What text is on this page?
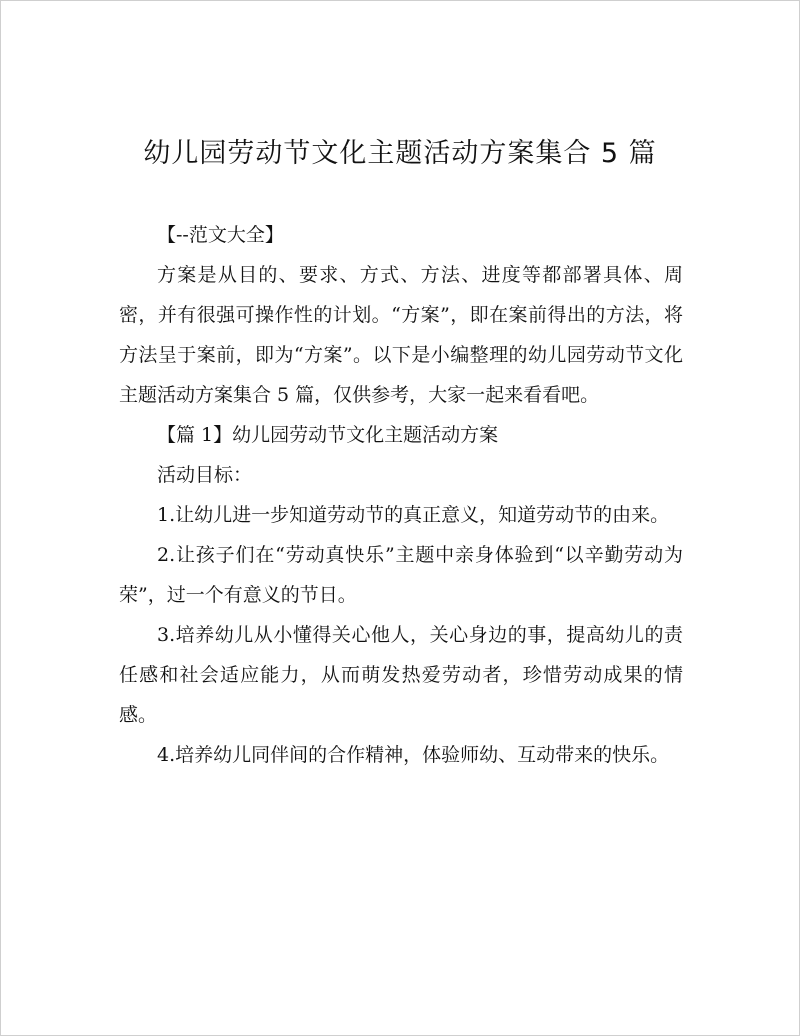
幼儿园劳动节文化主题活动方案集合 5 篇

【--范文大全】

方案是从目的、要求、方式、方法、进度等都部署具体、周密，并有很强可操作性的计划。“方案”，即在案前得出的方法，将方法呈于案前，即为“方案”。以下是小编整理的幼儿园劳动节文化主题活动方案集合 5 篇，仅供参考，大家一起来看看吧。

【篇 1】幼儿园劳动节文化主题活动方案

活动目标：

1.让幼儿进一步知道劳动节的真正意义，知道劳动节的由来。

2.让孩子们在“劳动真快乐”主题中亲身体验到“以辛勤劳动为荣”，过一个有意义的节日。

3.培养幼儿从小懂得关心他人，关心身边的事，提高幼儿的责任感和社会适应能力，从而萌发热爱劳动者，珍惜劳动成果的情感。

4.培养幼儿同伴间的合作精神，体验师幼、互动带来的快乐。
